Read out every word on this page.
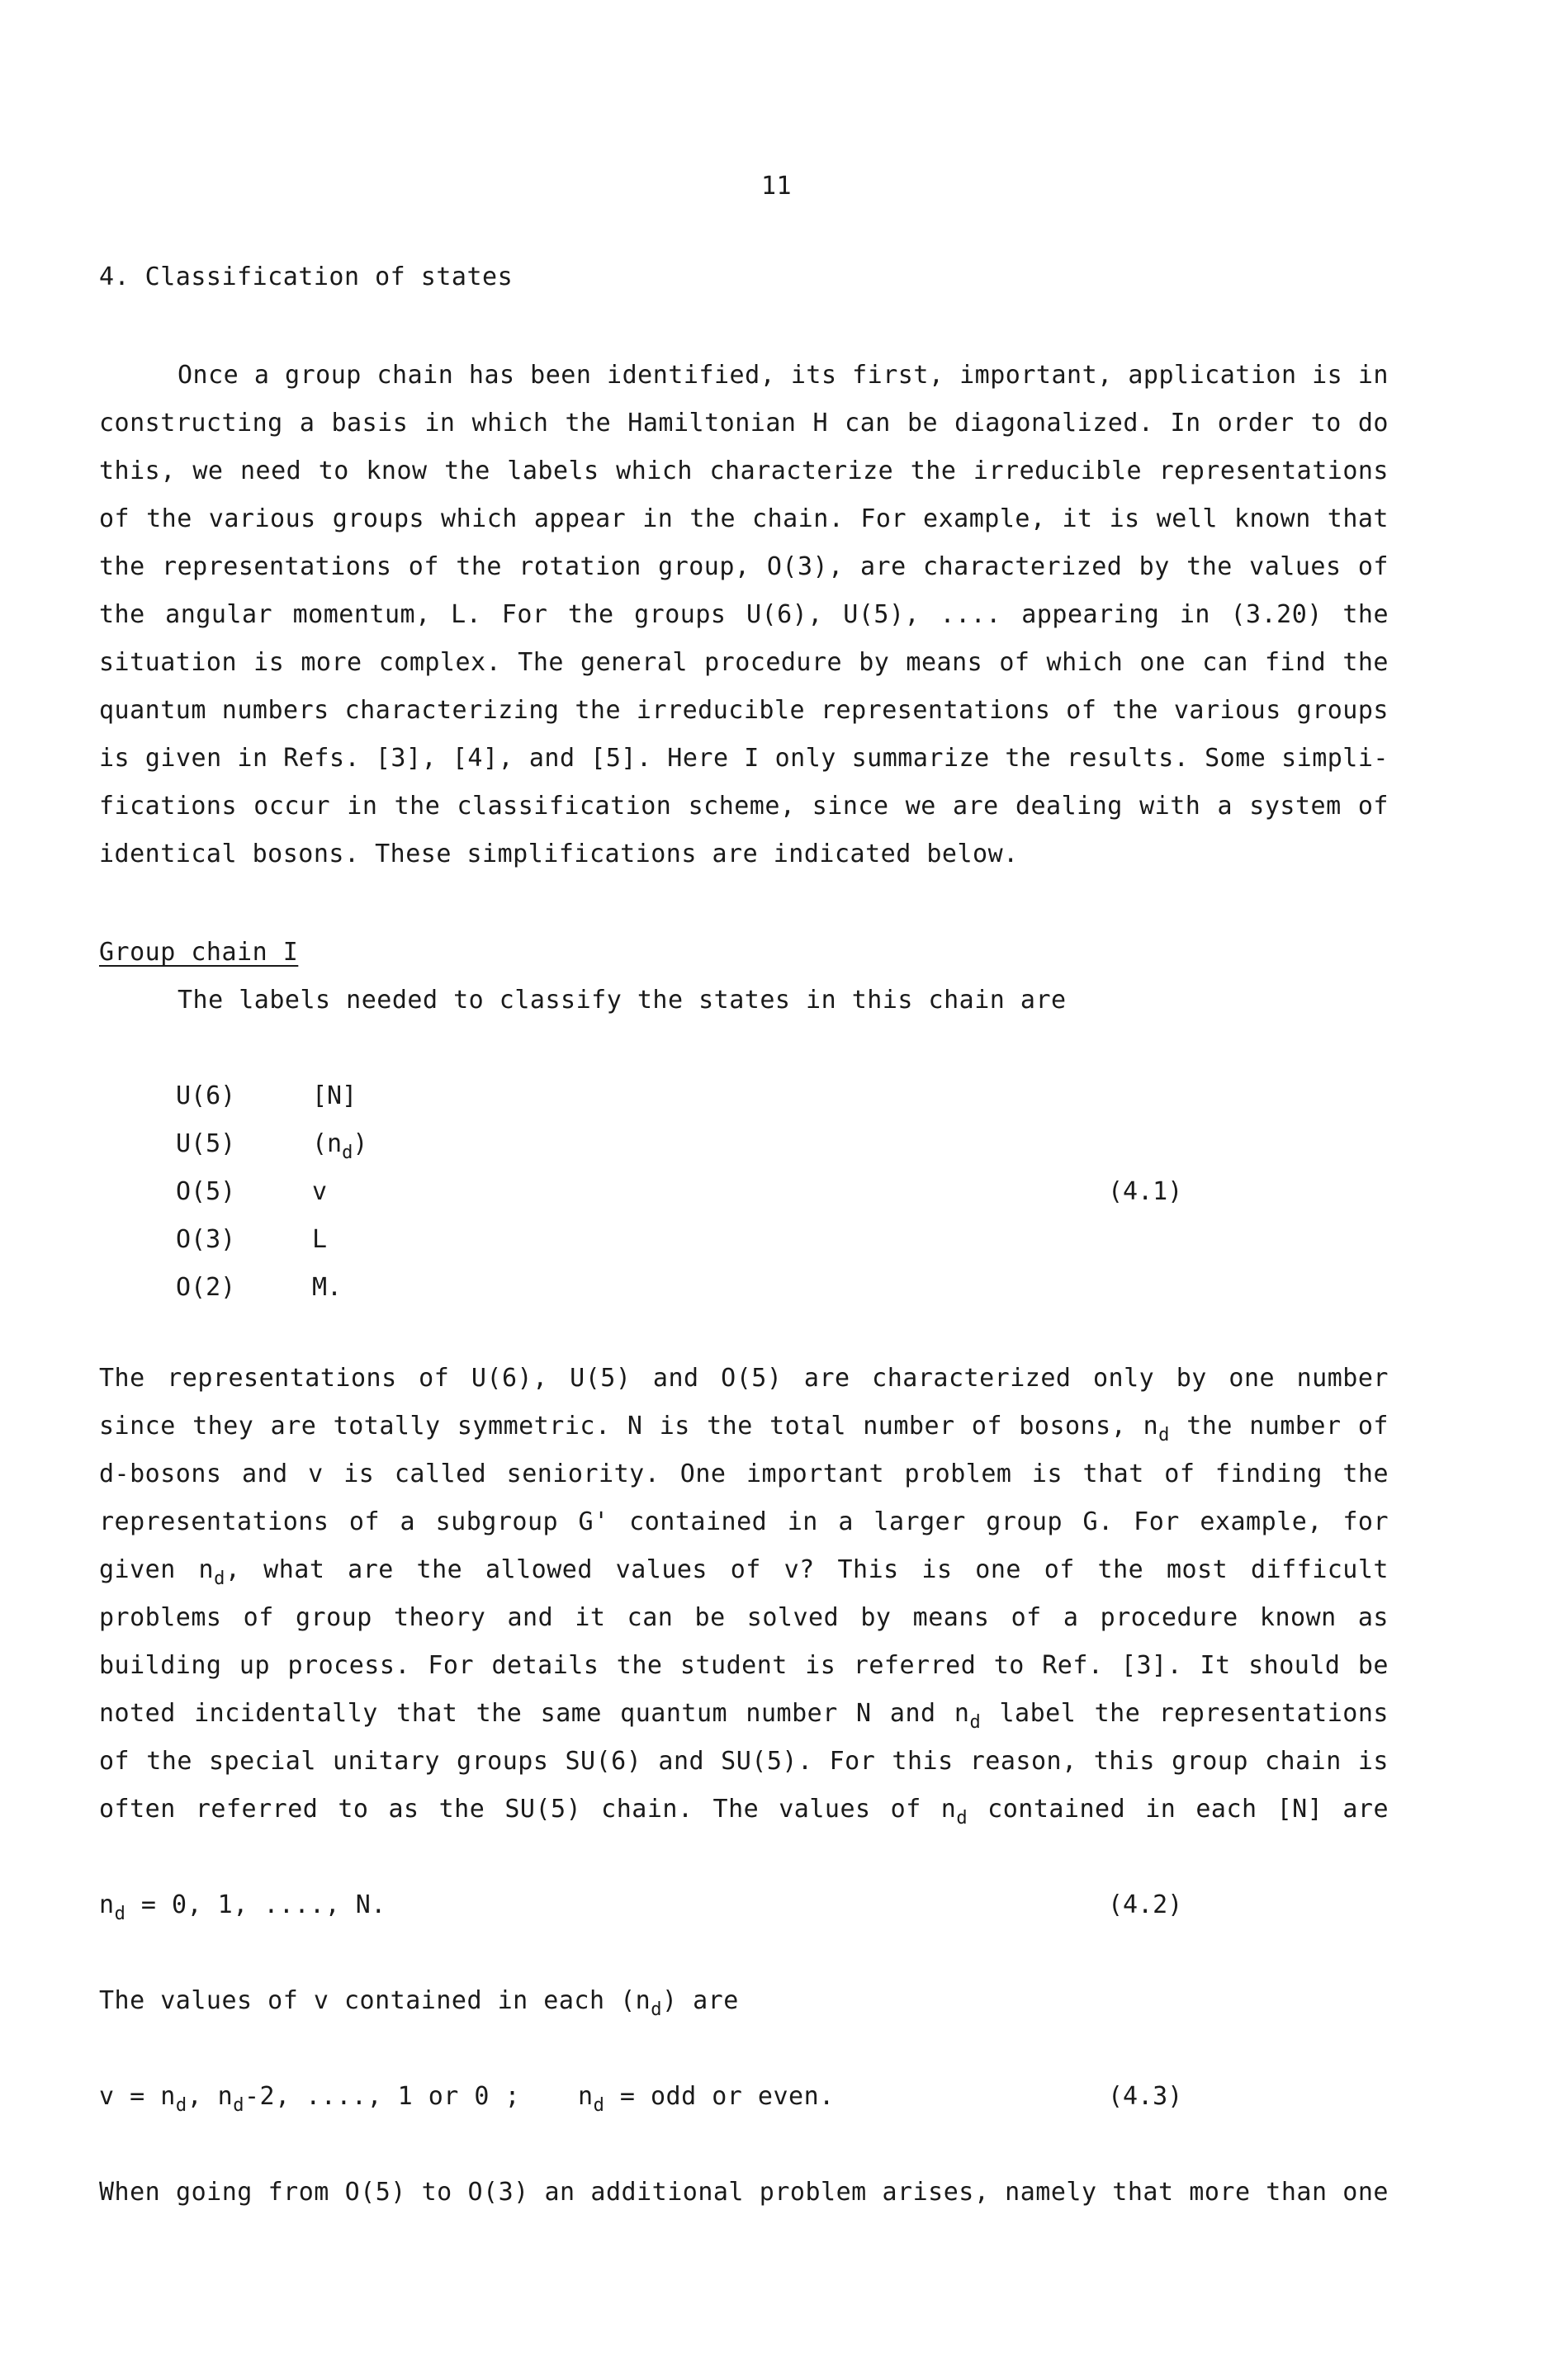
11
4. Classification of states
Once a group chain has been identified, its first, important, application is in
constructing a basis in which the Hamiltonian H can be diagonalized. In order to do
this, we need to know the labels which characterize the irreducible representations
of the various groups which appear in the chain. For example, it is well known that
the representations of the rotation group, O(3), are characterized by the values of
the angular momentum, L. For the groups U(6), U(5), .... appearing in (3.20) the
situation is more complex. The general procedure by means of which one can find the
quantum numbers characterizing the irreducible representations of the various groups
is given in Refs. [3], [4], and [5]. Here I only summarize the results. Some simpli-
fications occur in the classification scheme, since we are dealing with a system of
identical bosons. These simplifications are indicated below.
Group chain I
The labels needed to classify the states in this chain are
U(6)
U(5)
O(5)
O(3)
O(2)
[N]
$(n_d)$
v
L
M.
(4.1)
The representations of U(6), U(5) and O(5) are characterized only by one number
since they are totally symmetric. N is the total number of bosons, $n_d$ the number of
d-bosons and v is called seniority. One important problem is that of finding the
representations of a subgroup G' contained in a larger group G. For example, for
given $n_d$, what are the allowed values of v? This is one of the most difficult
problems of group theory and it can be solved by means of a procedure known as
building up process. For details the student is referred to Ref. [3]. It should be
noted incidentally that the same quantum number N and $n_d$ label the representations
of the special unitary groups SU(6) and SU(5). For this reason, this group chain is
often referred to as the SU(5) chain. The values of $n_d$ contained in each [N] are
$n_d = 0$, 1, ...., N.	(4.2)
The values of v contained in each $(n_d)$ are
$v = n_d$, $n_d-2$, ...., 1 or 0 ; $n_d$ = odd or even.	(4.3)
When going from O(5) to O(3) an additional problem arises, namely that more than one
